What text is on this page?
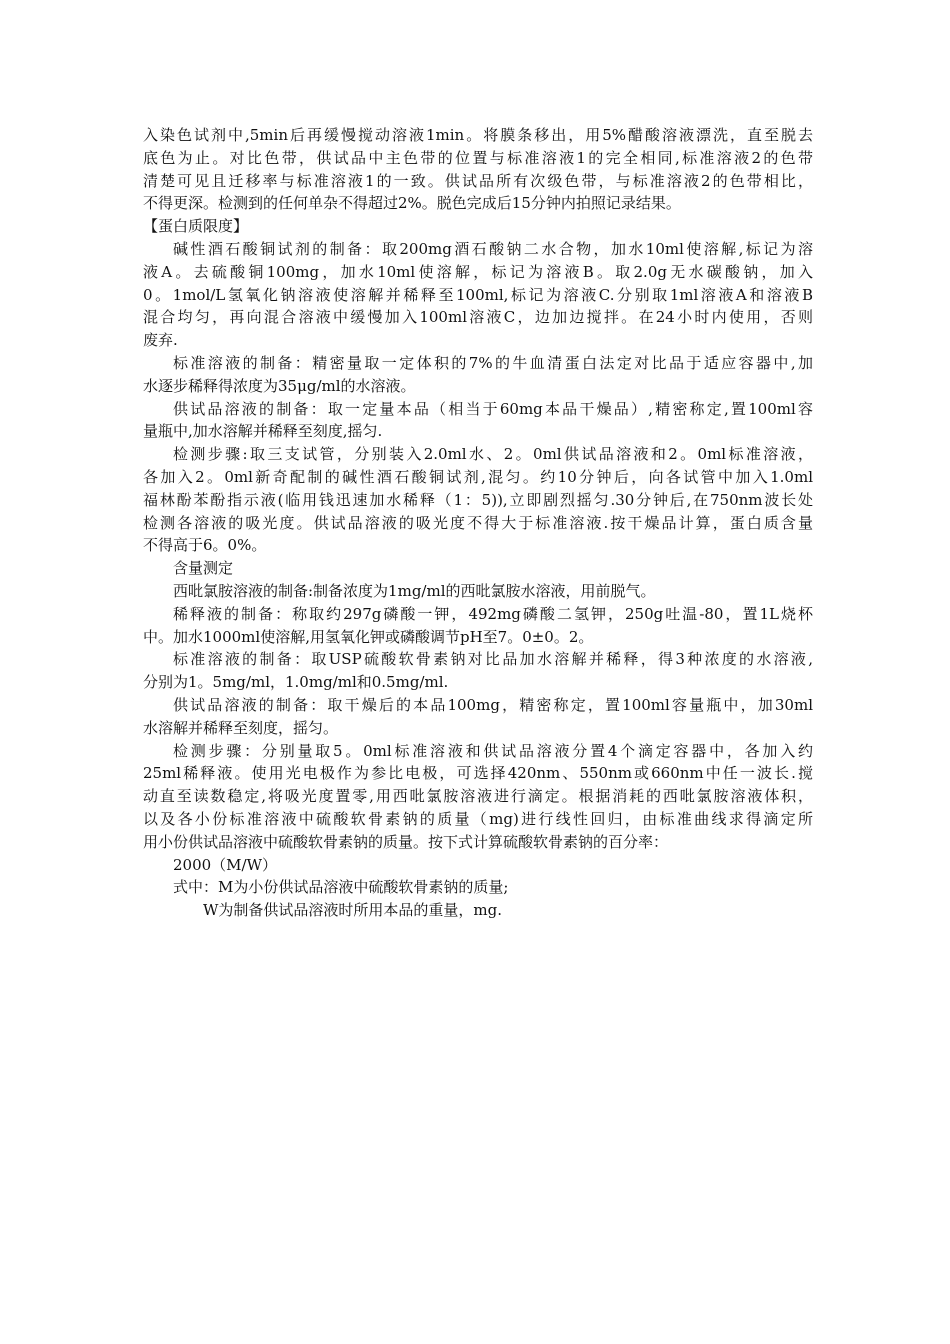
入染色试剂中,5min后再缓慢搅动溶液1min。将膜条移出，用5%醋酸溶液漂洗，直至脱去
底色为止。对比色带，供试品中主色带的位置与标准溶液1的完全相同,标准溶液2的色带
清楚可见且迁移率与标准溶液1的一致。供试品所有次级色带，与标准溶液2的色带相比，
不得更深。检测到的任何单杂不得超过2%。脱色完成后15分钟内拍照记录结果。
【蛋白质限度】
碱性酒石酸铜试剂的制备：取200mg酒石酸钠二水合物，加水10ml使溶解,标记为溶
液A。去硫酸铜100mg，加水10ml使溶解，标记为溶液B。取2.0g无水碳酸钠，加入
0。1mol/L氢氧化钠溶液使溶解并稀释至100ml,标记为溶液C.分别取1ml溶液A和溶液B
混合均匀，再向混合溶液中缓慢加入100ml溶液C，边加边搅拌。在24小时内使用，否则
废弃.
标准溶液的制备：精密量取一定体积的7%的牛血清蛋白法定对比品于适应容器中,加
水逐步稀释得浓度为35μg/ml的水溶液。
供试品溶液的制备：取一定量本品（相当于60mg本品干燥品）,精密称定,置100ml容
量瓶中,加水溶解并稀释至刻度,摇匀.
检测步骤:取三支试管，分别装入2.0ml水、2。0ml供试品溶液和2。0ml标准溶液，
各加入2。0ml新奇配制的碱性酒石酸铜试剂,混匀。约10分钟后，向各试管中加入1.0ml
福林酚苯酚指示液(临用钱迅速加水稀释（1：5)),立即剧烈摇匀.30分钟后,在750nm波长处
检测各溶液的吸光度。供试品溶液的吸光度不得大于标准溶液.按干燥品计算，蛋白质含量
不得高于6。0%。
含量测定
西吡氯胺溶液的制备:制备浓度为1mg/ml的西吡氯胺水溶液，用前脱气。
稀释液的制备：称取约297g磷酸一钾，492mg磷酸二氢钾，250g吐温-80，置1L烧杯
中。加水1000ml使溶解,用氢氧化钾或磷酸调节pH至7。0±0。2。
标准溶液的制备：取USP硫酸软骨素钠对比品加水溶解并稀释，得3种浓度的水溶液,
分别为1。5mg/ml，1.0mg/ml和0.5mg/ml.
供试品溶液的制备：取干燥后的本品100mg，精密称定，置100ml容量瓶中，加30ml
水溶解并稀释至刻度，摇匀。
检测步骤：分别量取5。0ml标准溶液和供试品溶液分置4个滴定容器中，各加入约
25ml稀释液。使用光电极作为参比电极，可选择420nm、550nm或660nm中任一波长.搅
动直至读数稳定,将吸光度置零,用西吡氯胺溶液进行滴定。根据消耗的西吡氯胺溶液体积，
以及各小份标准溶液中硫酸软骨素钠的质量（mg)进行线性回归，由标准曲线求得滴定所
用小份供试品溶液中硫酸软骨素钠的质量。按下式计算硫酸软骨素钠的百分率：
2000（M/W）
式中：M为小份供试品溶液中硫酸软骨素钠的质量;
W为制备供试品溶液时所用本品的重量，mg.
